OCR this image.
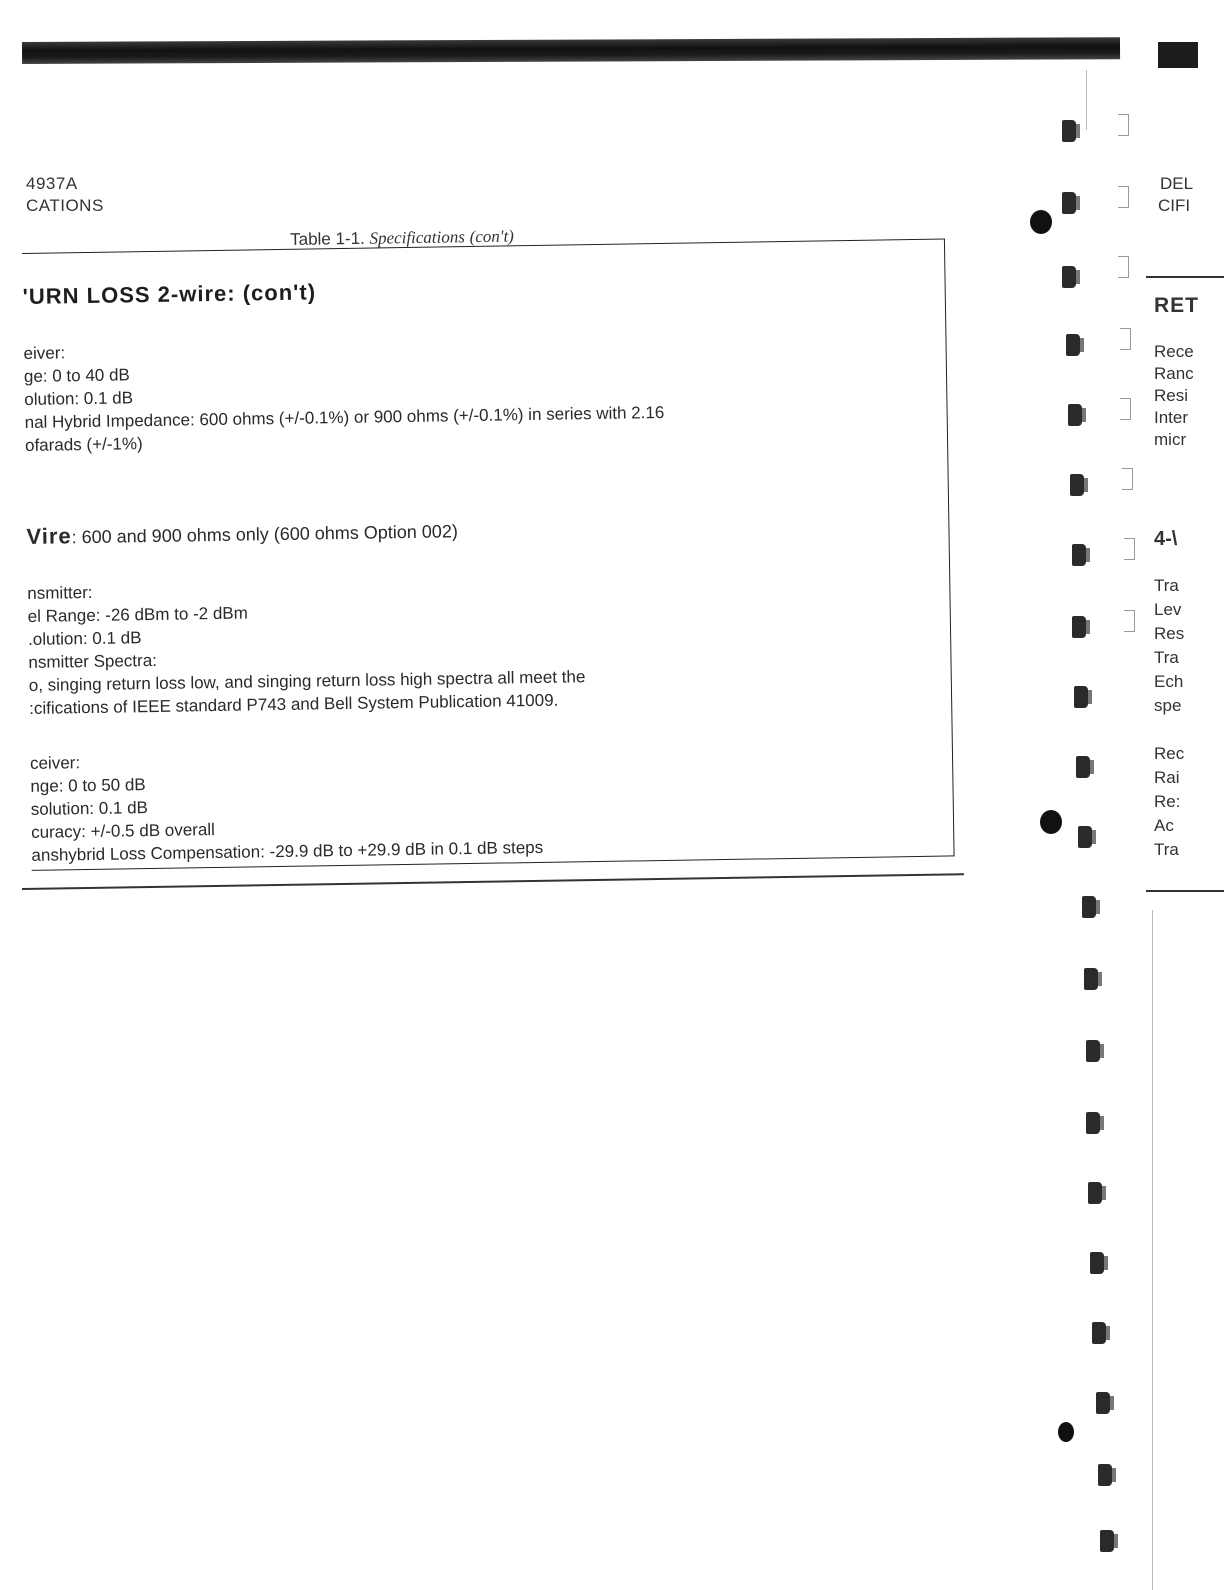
4937A
CATIONS
Table 1-1. Specifications (con't)
'URN LOSS 2-wire: (con't)
eiver:
ge: 0 to 40 dB
olution: 0.1 dB
nal Hybrid Impedance: 600 ohms (+/-0.1%) or 900 ohms (+/-0.1%) in series with 2.16
ofarads (+/-1%)
Vire: 600 and 900 ohms only (600 ohms Option 002)
nsmitter:
el Range: -26 dBm to -2 dBm
.olution: 0.1 dB
nsmitter Spectra:
o, singing return loss low, and singing return loss high spectra all meet the
:cifications of IEEE standard P743 and Bell System Publication 41009.
ceiver:
nge: 0 to 50 dB
solution: 0.1 dB
curacy: +/-0.5 dB overall
anshybrid Loss Compensation: -29.9 dB to +29.9 dB in 0.1 dB steps
DEL
CIFI
RET
Rece
Ranc
Resi
Inter
micr
4-\
Tra
Lev
Res
Tra
Ech
spe
Rec
Rai
Re:
Ac
Tra
